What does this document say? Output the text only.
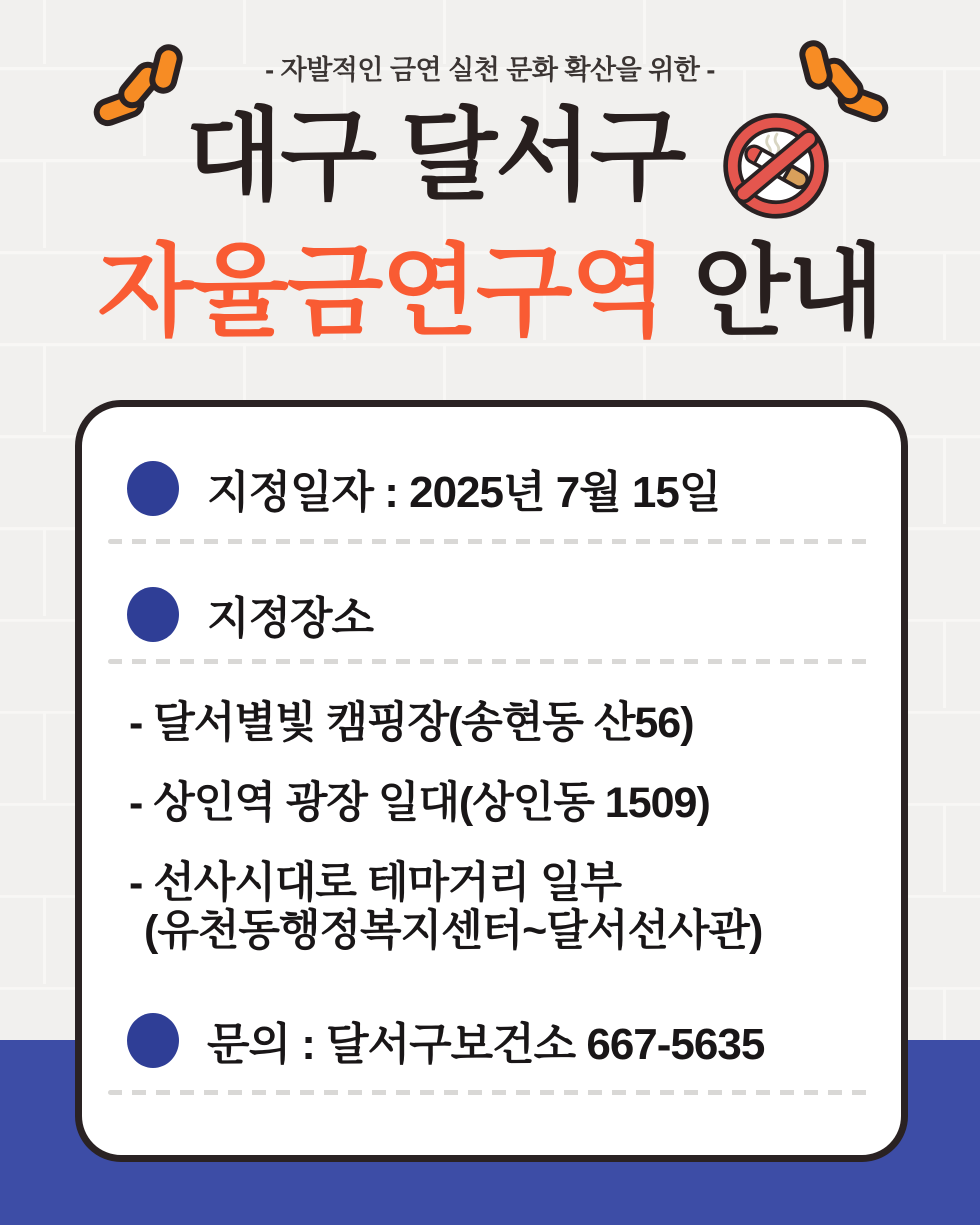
- 자발적인 금연 실천 문화 확산을 위한 -
대구 달서구
자율금연구역 안내
지정일자 : 2025년 7월 15일
지정장소
- 달서별빛 캠핑장(송현동 산56)
- 상인역 광장 일대(상인동 1509)
- 선사시대로 테마거리 일부
(유천동행정복지센터~달서선사관)
문의 : 달서구보건소 667-5635
